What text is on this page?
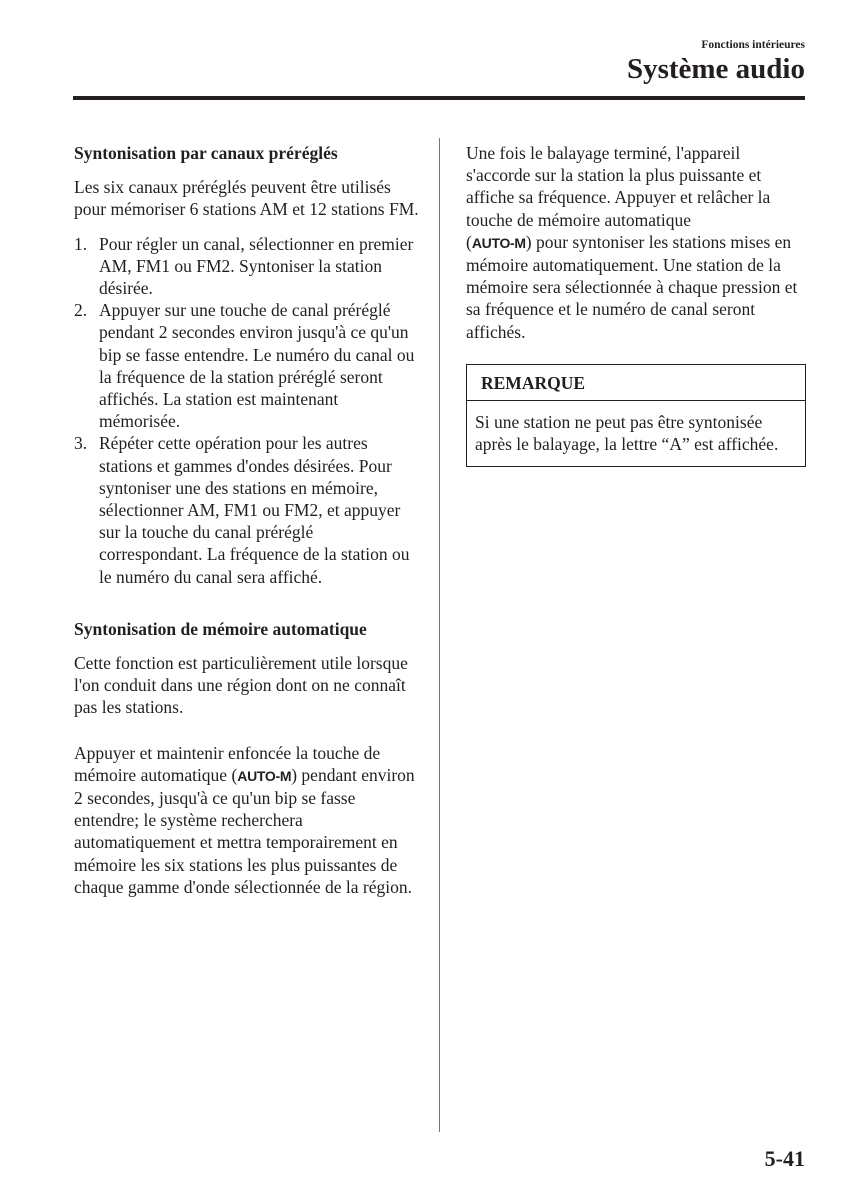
Fonctions intérieures
Système audio

Syntonisation par canaux préréglés

Les six canaux préréglés peuvent être utilisés pour mémoriser 6 stations AM et 12 stations FM.

1. Pour régler un canal, sélectionner en premier AM, FM1 ou FM2. Syntoniser la station désirée.
2. Appuyer sur une touche de canal préréglé pendant 2 secondes environ jusqu'à ce qu'un bip se fasse entendre. Le numéro du canal ou la fréquence de la station préréglé seront affichés. La station est maintenant mémorisée.
3. Répéter cette opération pour les autres stations et gammes d'ondes désirées. Pour syntoniser une des stations en mémoire, sélectionner AM, FM1 ou FM2, et appuyer sur la touche du canal préréglé correspondant. La fréquence de la station ou le numéro du canal sera affiché.

Syntonisation de mémoire automatique

Cette fonction est particulièrement utile lorsque l'on conduit dans une région dont on ne connaît pas les stations.

Appuyer et maintenir enfoncée la touche de mémoire automatique (AUTO-M) pendant environ 2 secondes, jusqu'à ce qu'un bip se fasse entendre; le système recherchera automatiquement et mettra temporairement en mémoire les six stations les plus puissantes de chaque gamme d'onde sélectionnée de la région.

Une fois le balayage terminé, l'appareil s'accorde sur la station la plus puissante et affiche sa fréquence. Appuyer et relâcher la touche de mémoire automatique
(AUTO-M) pour syntoniser les stations mises en mémoire automatiquement. Une station de la mémoire sera sélectionnée à chaque pression et sa fréquence et le numéro de canal seront affichés.

REMARQUE
Si une station ne peut pas être syntonisée après le balayage, la lettre “A” est affichée.
5-41
